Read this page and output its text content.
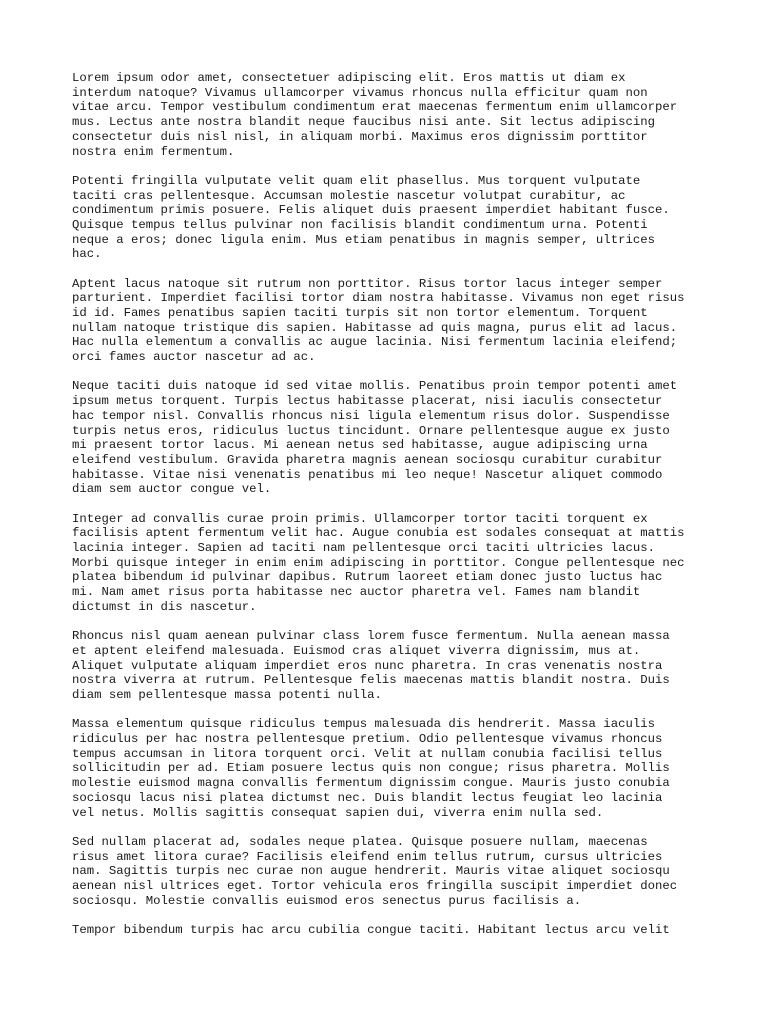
Lorem ipsum odor amet, consectetuer adipiscing elit. Eros mattis ut diam ex
interdum natoque? Vivamus ullamcorper vivamus rhoncus nulla efficitur quam non
vitae arcu. Tempor vestibulum condimentum erat maecenas fermentum enim ullamcorper
mus. Lectus ante nostra blandit neque faucibus nisi ante. Sit lectus adipiscing
consectetur duis nisl nisl, in aliquam morbi. Maximus eros dignissim porttitor
nostra enim fermentum.

Potenti fringilla vulputate velit quam elit phasellus. Mus torquent vulputate
taciti cras pellentesque. Accumsan molestie nascetur volutpat curabitur, ac
condimentum primis posuere. Felis aliquet duis praesent imperdiet habitant fusce.
Quisque tempus tellus pulvinar non facilisis blandit condimentum urna. Potenti
neque a eros; donec ligula enim. Mus etiam penatibus in magnis semper, ultrices
hac.

Aptent lacus natoque sit rutrum non porttitor. Risus tortor lacus integer semper
parturient. Imperdiet facilisi tortor diam nostra habitasse. Vivamus non eget risus
id id. Fames penatibus sapien taciti turpis sit non tortor elementum. Torquent
nullam natoque tristique dis sapien. Habitasse ad quis magna, purus elit ad lacus.
Hac nulla elementum a convallis ac augue lacinia. Nisi fermentum lacinia eleifend;
orci fames auctor nascetur ad ac.

Neque taciti duis natoque id sed vitae mollis. Penatibus proin tempor potenti amet
ipsum metus torquent. Turpis lectus habitasse placerat, nisi iaculis consectetur
hac tempor nisl. Convallis rhoncus nisi ligula elementum risus dolor. Suspendisse
turpis netus eros, ridiculus luctus tincidunt. Ornare pellentesque augue ex justo
mi praesent tortor lacus. Mi aenean netus sed habitasse, augue adipiscing urna
eleifend vestibulum. Gravida pharetra magnis aenean sociosqu curabitur curabitur
habitasse. Vitae nisi venenatis penatibus mi leo neque! Nascetur aliquet commodo
diam sem auctor congue vel.

Integer ad convallis curae proin primis. Ullamcorper tortor taciti torquent ex
facilisis aptent fermentum velit hac. Augue conubia est sodales consequat at mattis
lacinia integer. Sapien ad taciti nam pellentesque orci taciti ultricies lacus.
Morbi quisque integer in enim enim adipiscing in porttitor. Congue pellentesque nec
platea bibendum id pulvinar dapibus. Rutrum laoreet etiam donec justo luctus hac
mi. Nam amet risus porta habitasse nec auctor pharetra vel. Fames nam blandit
dictumst in dis nascetur.

Rhoncus nisl quam aenean pulvinar class lorem fusce fermentum. Nulla aenean massa
et aptent eleifend malesuada. Euismod cras aliquet viverra dignissim, mus at.
Aliquet vulputate aliquam imperdiet eros nunc pharetra. In cras venenatis nostra
nostra viverra at rutrum. Pellentesque felis maecenas mattis blandit nostra. Duis
diam sem pellentesque massa potenti nulla.

Massa elementum quisque ridiculus tempus malesuada dis hendrerit. Massa iaculis
ridiculus per hac nostra pellentesque pretium. Odio pellentesque vivamus rhoncus
tempus accumsan in litora torquent orci. Velit at nullam conubia facilisi tellus
sollicitudin per ad. Etiam posuere lectus quis non congue; risus pharetra. Mollis
molestie euismod magna convallis fermentum dignissim congue. Mauris justo conubia
sociosqu lacus nisi platea dictumst nec. Duis blandit lectus feugiat leo lacinia
vel netus. Mollis sagittis consequat sapien dui, viverra enim nulla sed.

Sed nullam placerat ad, sodales neque platea. Quisque posuere nullam, maecenas
risus amet litora curae? Facilisis eleifend enim tellus rutrum, cursus ultricies
nam. Sagittis turpis nec curae non augue hendrerit. Mauris vitae aliquet sociosqu
aenean nisl ultrices eget. Tortor vehicula eros fringilla suscipit imperdiet donec
sociosqu. Molestie convallis euismod eros senectus purus facilisis a.

Tempor bibendum turpis hac arcu cubilia congue taciti. Habitant lectus arcu velit
